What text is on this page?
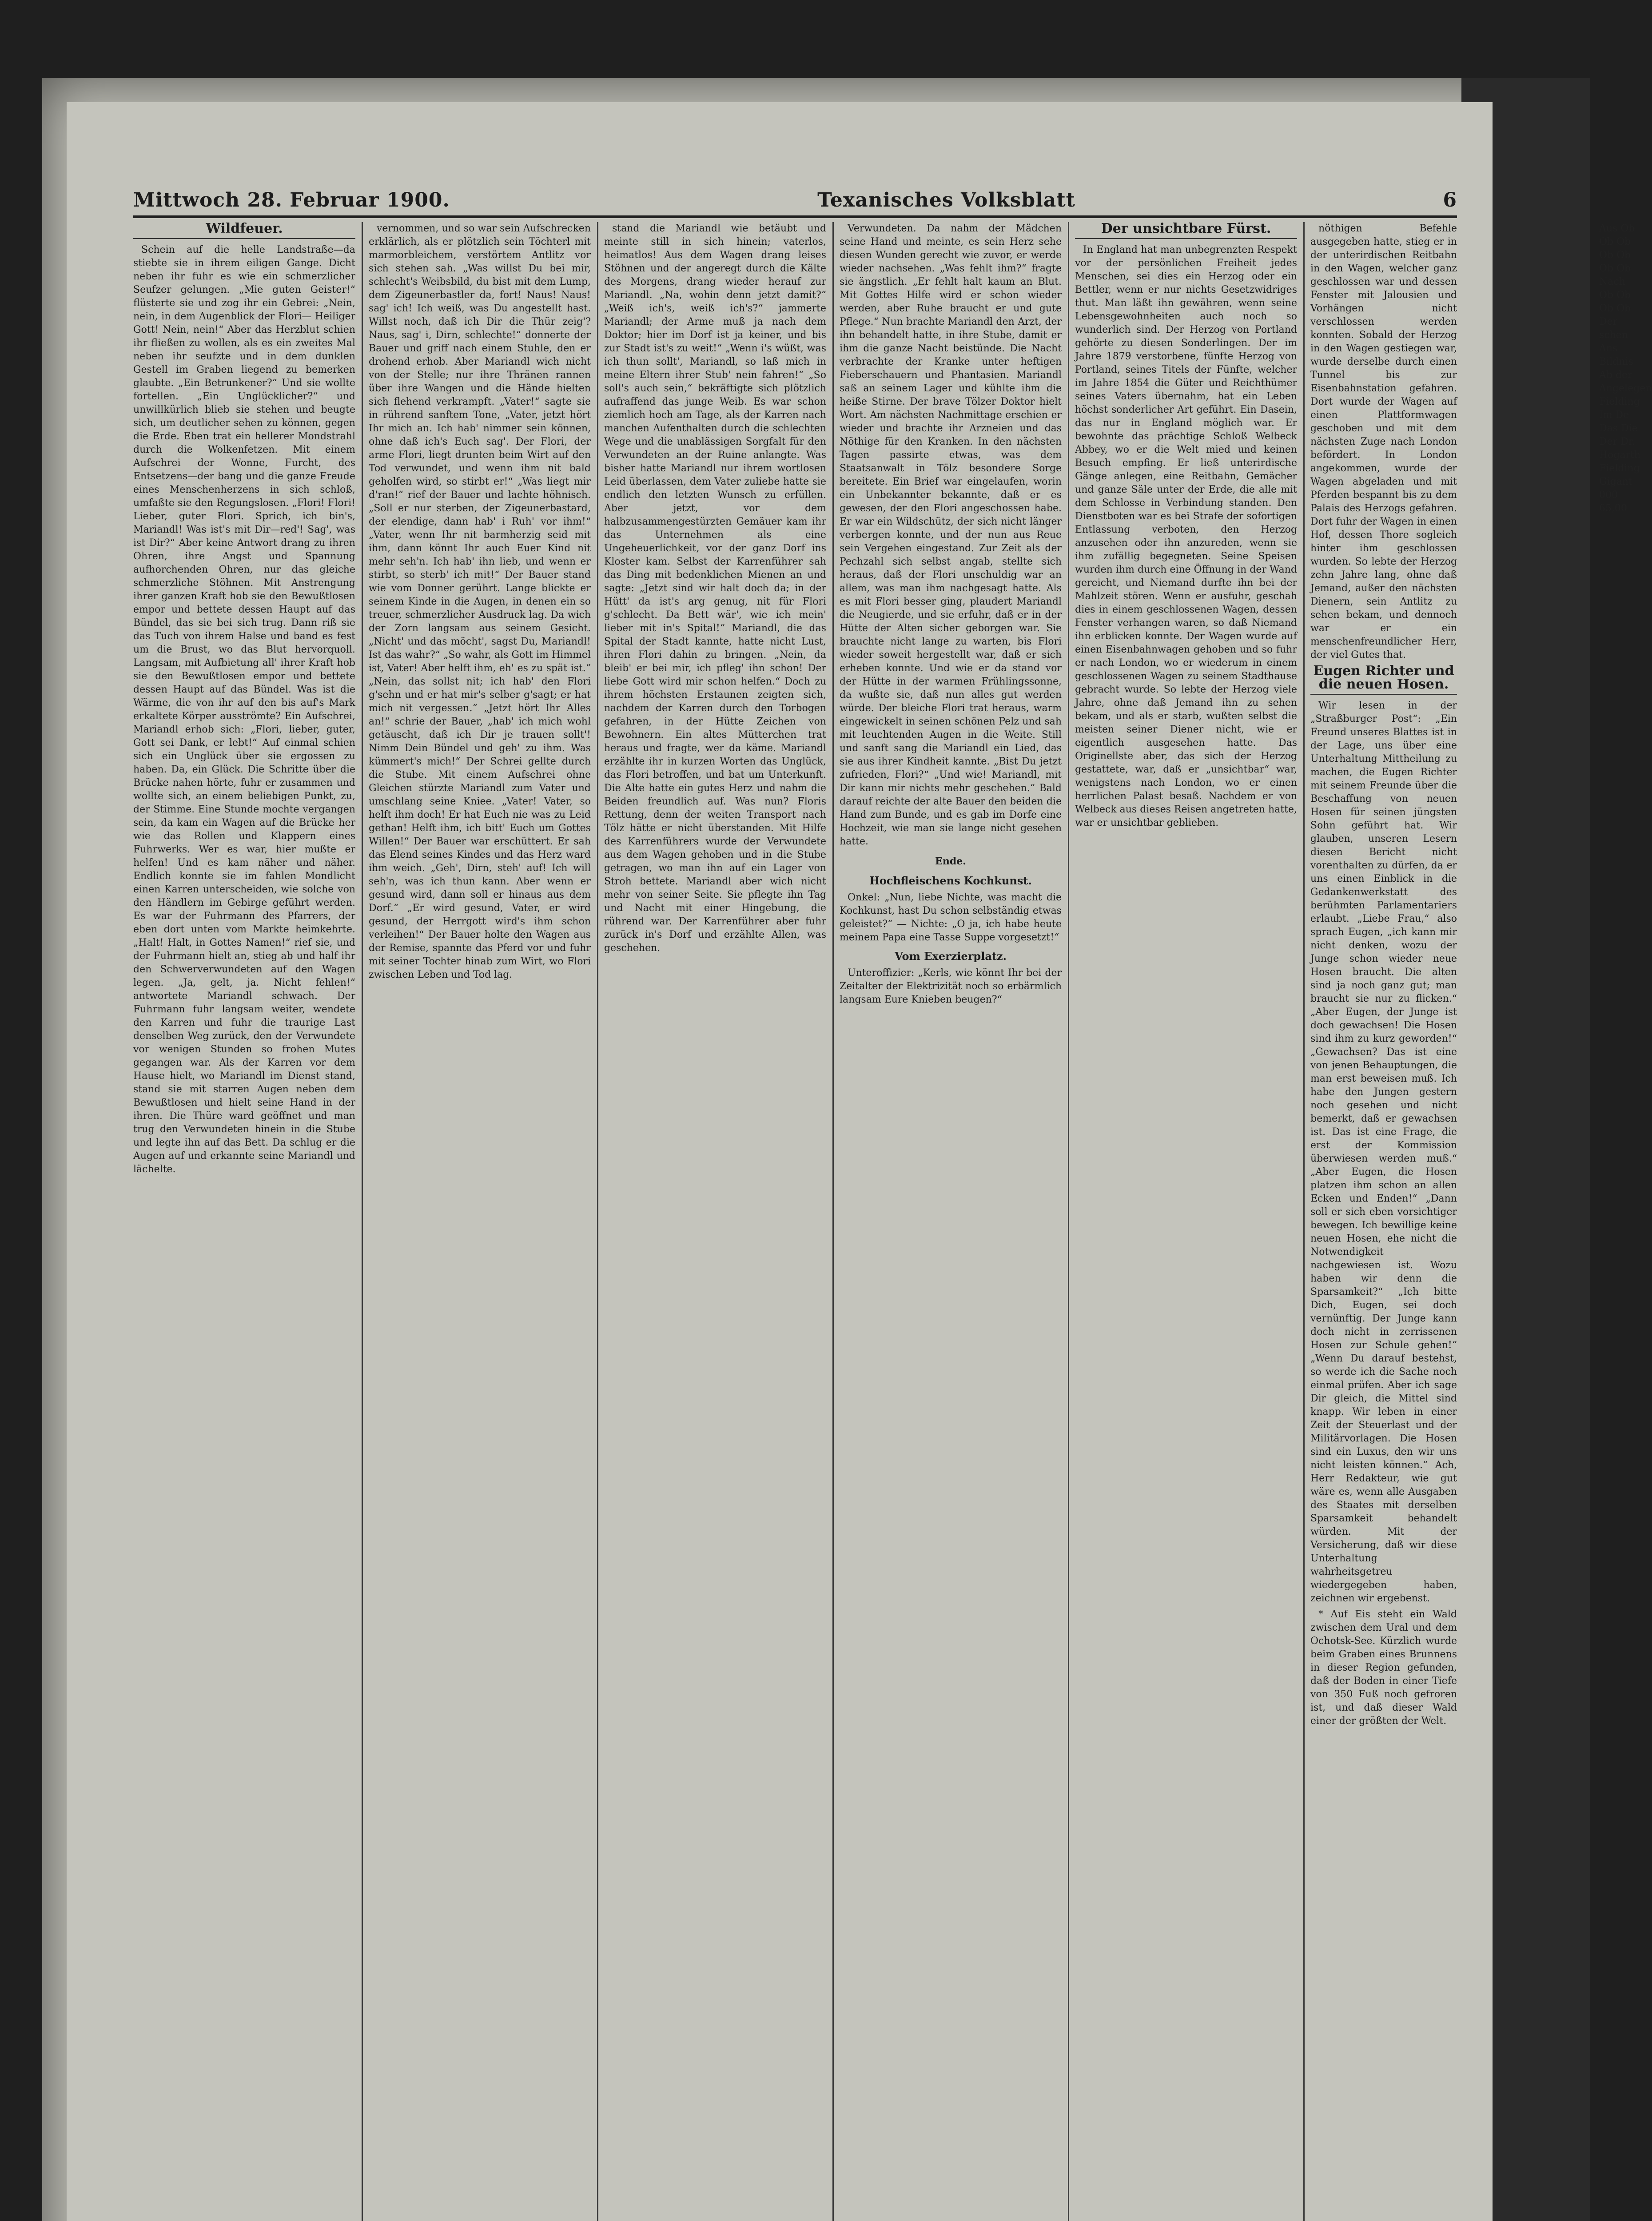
Mittwoch 28. Februar 1900.	Texanisches Volksblatt	6
Wildfeuer.

Schein auf die helle Landstraße—da stiebte sie in ihrem eiligen Gange. Dicht neben ihr fuhr es wie ein schmerzlicher Seufzer gelungen. „Mie guten Geister!“ flüsterte sie und zog ihr ein Gebrei: „Nein, nein, in dem Augenblick der Flori— Heiliger Gott! Nein, nein!“ Aber das Herzblut schien ihr fließen zu wollen, als es ein zweites Mal neben ihr seufzte und in dem dunklen Gestell im Graben liegend zu bemerken glaubte. „Ein Betrunkener?“ Und sie wollte fortellen. „Ein Unglücklicher?“ und unwillkürlich blieb sie stehen und beugte sich, um deutlicher sehen zu können, gegen die Erde. Eben trat ein hellerer Mondstrahl durch die Wolkenfetzen. Mit einem Aufschrei der Wonne, Furcht, des Entsetzens—der bang und die ganze Freude eines Menschenherzens in sich schloß, umfaßte sie den Regungslosen. „Flori! Flori! Lieber, guter Flori. Sprich, ich bin's, Mariandl! Was ist's mit Dir—red'! Sag', was ist Dir?“ Aber keine Antwort drang zu ihren Ohren, ihre Angst und Spannung aufhorchenden Ohren, nur das gleiche schmerzliche Stöhnen. Mit Anstrengung ihrer ganzen Kraft hob sie den Bewußtlosen empor und bettete dessen Haupt auf das Bündel, das sie bei sich trug. Dann riß sie das Tuch von ihrem Halse und band es fest um die Brust, wo das Blut hervorquoll. Langsam, mit Aufbietung all' ihrer Kraft hob sie den Bewußtlosen empor und bettete dessen Haupt auf das Bündel. Was ist die Wärme, die von ihr auf den bis auf's Mark erkaltete Körper ausströmte? Ein Aufschrei, Mariandl erhob sich: „Flori, lieber, guter, Gott sei Dank, er lebt!“ Auf einmal schien sich ein Unglück über sie ergossen zu haben. Da, ein Glück. Die Schritte über die Brücke nahen hörte, fuhr er zusammen und wollte sich, an einem beliebigen Punkt, zu, der Stimme. Eine Stunde mochte vergangen sein, da kam ein Wagen auf die Brücke her wie das Rollen und Klappern eines Fuhrwerks. Wer es war, hier mußte er helfen! Und es kam näher und näher. Endlich konnte sie im fahlen Mondlicht einen Karren unterscheiden, wie solche von den Händlern im Gebirge geführt werden. Es war der Fuhrmann des Pfarrers, der eben dort unten vom Markte heimkehrte. „Halt! Halt, in Gottes Namen!“ rief sie, und der Fuhrmann hielt an, stieg ab und half ihr den Schwerverwundeten auf den Wagen legen. „Ja, gelt, ja. Nicht fehlen!“ antwortete Mariandl schwach. Der Fuhrmann fuhr langsam weiter, wendete den Karren und fuhr die traurige Last denselben Weg zurück, den der Verwundete vor wenigen Stunden so frohen Mutes gegangen war. Als der Karren vor dem Hause hielt, wo Mariandl im Dienst stand, stand sie mit starren Augen neben dem Bewußtlosen und hielt seine Hand in der ihren. Die Thüre ward geöffnet und man trug den Verwundeten hinein in die Stube und legte ihn auf das Bett. Da schlug er die Augen auf und erkannte seine Mariandl und lächelte.

vernommen, und so war sein Aufschrecken erklärlich, als er plötzlich sein Töchterl mit marmorbleichem, verstörtem Antlitz vor sich stehen sah. „Was willst Du bei mir, schlecht's Weibsbild, du bist mit dem Lump, dem Zigeunerbastler da, fort! Naus! Naus! sag' ich! Ich weiß, was Du angestellt hast. Willst noch, daß ich Dir die Thür zeig'? Naus, sag' i, Dirn, schlechte!“ donnerte der Bauer und griff nach einem Stuhle, den er drohend erhob. Aber Mariandl wich nicht von der Stelle; nur ihre Thränen rannen über ihre Wangen und die Hände hielten sich flehend verkrampft. „Vater!“ sagte sie in rührend sanftem Tone, „Vater, jetzt hört Ihr mich an. Ich hab' nimmer sein können, ohne daß ich's Euch sag'. Der Flori, der arme Flori, liegt drunten beim Wirt auf den Tod verwundet, und wenn ihm nit bald geholfen wird, so stirbt er!“ „Was liegt mir d'ran!“ rief der Bauer und lachte höhnisch. „Soll er nur sterben, der Zigeunerbastard, der elendige, dann hab' i Ruh' vor ihm!“ „Vater, wenn Ihr nit barmherzig seid mit ihm, dann könnt Ihr auch Euer Kind nit mehr seh'n. Ich hab' ihn lieb, und wenn er stirbt, so sterb' ich mit!“ Der Bauer stand wie vom Donner gerührt. Lange blickte er seinem Kinde in die Augen, in denen ein so treuer, schmerzlicher Ausdruck lag. Da wich der Zorn langsam aus seinem Gesicht. „Nicht' und das möcht', sagst Du, Mariandl! Ist das wahr?“ „So wahr, als Gott im Himmel ist, Vater! Aber helft ihm, eh' es zu spät ist.“ „Nein, das sollst nit; ich hab' den Flori g'sehn und er hat mir's selber g'sagt; er hat mich nit vergessen.“ „Jetzt hört Ihr Alles an!“ schrie der Bauer, „hab' ich mich wohl getäuscht, daß ich Dir je trauen sollt'! Nimm Dein Bündel und geh' zu ihm. Was kümmert's mich!“ Der Schrei gellte durch die Stube. Mit einem Aufschrei ohne Gleichen stürzte Mariandl zum Vater und umschlang seine Kniee. „Vater! Vater, so helft ihm doch! Er hat Euch nie was zu Leid gethan! Helft ihm, ich bitt' Euch um Gottes Willen!“ Der Bauer war erschüttert. Er sah das Elend seines Kindes und das Herz ward ihm weich. „Geh', Dirn, steh' auf! Ich will seh'n, was ich thun kann. Aber wenn er gesund wird, dann soll er hinaus aus dem Dorf.“ „Er wird gesund, Vater, er wird gesund, der Herrgott wird's ihm schon verleihen!“ Der Bauer holte den Wagen aus der Remise, spannte das Pferd vor und fuhr mit seiner Tochter hinab zum Wirt, wo Flori zwischen Leben und Tod lag.

stand die Mariandl wie betäubt und meinte still in sich hinein; vaterlos, heimatlos! Aus dem Wagen drang leises Stöhnen und der angeregt durch die Kälte des Morgens, drang wieder herauf zur Mariandl. „Na, wohin denn jetzt damit?“ „Weiß ich's, weiß ich's?“ jammerte Mariandl; der Arme muß ja nach dem Doktor; hier im Dorf ist ja keiner, und bis zur Stadt ist's zu weit!“ „Wenn i's wüßt, was ich thun sollt', Mariandl, so laß mich in meine Eltern ihrer Stub' nein fahren!“ „So soll's auch sein,“ bekräftigte sich plötzlich aufraffend das junge Weib. Es war schon ziemlich hoch am Tage, als der Karren nach manchen Aufenthalten durch die schlechten Wege und die unablässigen Sorgfalt für den Verwundeten an der Ruine anlangte. Was bisher hatte Mariandl nur ihrem wortlosen Leid überlassen, dem Vater zuliebe hatte sie endlich den letzten Wunsch zu erfüllen. Aber jetzt, vor dem halbzusammengestürzten Gemäuer kam ihr das Unternehmen als eine Ungeheuerlichkeit, vor der ganz Dorf ins Kloster kam. Selbst der Karrenführer sah das Ding mit bedenklichen Mienen an und sagte: „Jetzt sind wir halt doch da; in der Hütt' da ist's arg genug, nit für Flori g'schlecht. Da Bett wär', wie ich mein' lieber mit in's Spital!“ Mariandl, die das Spital der Stadt kannte, hatte nicht Lust, ihren Flori dahin zu bringen. „Nein, da bleib' er bei mir, ich pfleg' ihn schon! Der liebe Gott wird mir schon helfen.“ Doch zu ihrem höchsten Erstaunen zeigten sich, nachdem der Karren durch den Torbogen gefahren, in der Hütte Zeichen von Bewohnern. Ein altes Mütterchen trat heraus und fragte, wer da käme. Mariandl erzählte ihr in kurzen Worten das Unglück, das Flori betroffen, und bat um Unterkunft. Die Alte hatte ein gutes Herz und nahm die Beiden freundlich auf. Was nun? Floris Rettung, denn der weiten Transport nach Tölz hätte er nicht überstanden. Mit Hilfe des Karrenführers wurde der Verwundete aus dem Wagen gehoben und in die Stube getragen, wo man ihn auf ein Lager von Stroh bettete. Mariandl aber wich nicht mehr von seiner Seite. Sie pflegte ihn Tag und Nacht mit einer Hingebung, die rührend war. Der Karrenführer aber fuhr zurück in's Dorf und erzählte Allen, was geschehen.

Verwundeten. Da nahm der Mädchen seine Hand und meinte, es sein Herz sehe diesen Wunden gerecht wie zuvor, er werde wieder nachsehen. „Was fehlt ihm?“ fragte sie ängstlich. „Er fehlt halt kaum an Blut. Mit Gottes Hilfe wird er schon wieder werden, aber Ruhe braucht er und gute Pflege.“ Nun brachte Mariandl den Arzt, der ihn behandelt hatte, in ihre Stube, damit er ihm die ganze Nacht beistünde. Die Nacht verbrachte der Kranke unter heftigen Fieberschauern und Phantasien. Mariandl saß an seinem Lager und kühlte ihm die heiße Stirne. Der brave Tölzer Doktor hielt Wort. Am nächsten Nachmittage erschien er wieder und brachte ihr Arzneien und das Nöthige für den Kranken. In den nächsten Tagen passirte etwas, was dem Staatsanwalt in Tölz besondere Sorge bereitete. Ein Brief war eingelaufen, worin ein Unbekannter bekannte, daß er es gewesen, der den Flori angeschossen habe. Er war ein Wildschütz, der sich nicht länger verbergen konnte, und der nun aus Reue sein Vergehen eingestand. Zur Zeit als der Pechzahl sich selbst angab, stellte sich heraus, daß der Flori unschuldig war an allem, was man ihm nachgesagt hatte. Als es mit Flori besser ging, plaudert Mariandl die Neugierde, und sie erfuhr, daß er in der Hütte der Alten sicher geborgen war. Sie brauchte nicht lange zu warten, bis Flori wieder soweit hergestellt war, daß er sich erheben konnte. Und wie er da stand vor der Hütte in der warmen Frühlingssonne, da wußte sie, daß nun alles gut werden würde. Der bleiche Flori trat heraus, warm eingewickelt in seinen schönen Pelz und sah mit leuchtenden Augen in die Weite. Still und sanft sang die Mariandl ein Lied, das sie aus ihrer Kindheit kannte. „Bist Du jetzt zufrieden, Flori?“ „Und wie! Mariandl, mit Dir kann mir nichts mehr geschehen.“ Bald darauf reichte der alte Bauer den beiden die Hand zum Bunde, und es gab im Dorfe eine Hochzeit, wie man sie lange nicht gesehen hatte.

Ende.
Hochfleischens Kochkunst.

Onkel: „Nun, liebe Nichte, was macht die Kochkunst, hast Du schon selbständig etwas geleistet?“ — Nichte: „O ja, ich habe heute meinem Papa eine Tasse Suppe vorgesetzt!“

Vom Exerzierplatz.

Unteroffizier: „Kerls, wie könnt Ihr bei der Zeitalter der Elektrizität noch so erbärmlich langsam Eure Knieben beugen?“

Der unsichtbare Fürst.

In England hat man unbegrenzten Respekt vor der persönlichen Freiheit jedes Menschen, sei dies ein Herzog oder ein Bettler, wenn er nur nichts Gesetzwidriges thut. Man läßt ihn gewähren, wenn seine Lebensgewohnheiten auch noch so wunderlich sind. Der Herzog von Portland gehörte zu diesen Sonderlingen. Der im Jahre 1879 verstorbene, fünfte Herzog von Portland, seines Titels der Fünfte, welcher im Jahre 1854 die Güter und Reichthümer seines Vaters übernahm, hat ein Leben höchst sonderlicher Art geführt. Ein Dasein, das nur in England möglich war. Er bewohnte das prächtige Schloß Welbeck Abbey, wo er die Welt mied und keinen Besuch empfing. Er ließ unterirdische Gänge anlegen, eine Reitbahn, Gemächer und ganze Säle unter der Erde, die alle mit dem Schlosse in Verbindung standen. Den Dienstboten war es bei Strafe der sofortigen Entlassung verboten, den Herzog anzusehen oder ihn anzureden, wenn sie ihm zufällig begegneten. Seine Speisen wurden ihm durch eine Öffnung in der Wand gereicht, und Niemand durfte ihn bei der Mahlzeit stören. Wenn er ausfuhr, geschah dies in einem geschlossenen Wagen, dessen Fenster verhangen waren, so daß Niemand ihn erblicken konnte. Der Wagen wurde auf einen Eisenbahnwagen gehoben und so fuhr er nach London, wo er wiederum in einem geschlossenen Wagen zu seinem Stadthause gebracht wurde. So lebte der Herzog viele Jahre, ohne daß Jemand ihn zu sehen bekam, und als er starb, wußten selbst die meisten seiner Diener nicht, wie er eigentlich ausgesehen hatte. Das Originellste aber, das sich der Herzog gestattete, war, daß er „unsichtbar“ war, wenigstens nach London, wo er einen herrlichen Palast besaß. Nachdem er von Welbeck aus dieses Reisen angetreten hatte, war er unsichtbar geblieben.

nöthigen Befehle ausgegeben hatte, stieg er in der unterirdischen Reitbahn in den Wagen, welcher ganz geschlossen war und dessen Fenster mit Jalousien und Vorhängen nicht verschlossen werden konnten. Sobald der Herzog in den Wagen gestiegen war, wurde derselbe durch einen Tunnel bis zur Eisenbahnstation gefahren. Dort wurde der Wagen auf einen Plattformwagen geschoben und mit dem nächsten Zuge nach London befördert. In London angekommen, wurde der Wagen abgeladen und mit Pferden bespannt bis zu dem Palais des Herzogs gefahren. Dort fuhr der Wagen in einen Hof, dessen Thore sogleich hinter ihm geschlossen wurden. So lebte der Herzog zehn Jahre lang, ohne daß Jemand, außer den nächsten Dienern, sein Antlitz zu sehen bekam, und dennoch war er ein menschenfreundlicher Herr, der viel Gutes that.

Eugen Richter und die neuen Hosen.

Wir lesen in der „Straßburger Post“: „Ein Freund unseres Blattes ist in der Lage, uns über eine Unterhaltung Mittheilung zu machen, die Eugen Richter mit seinem Freunde über die Beschaffung von neuen Hosen für seinen jüngsten Sohn geführt hat. Wir glauben, unseren Lesern diesen Bericht nicht vorenthalten zu dürfen, da er uns einen Einblick in die Gedankenwerkstatt des berühmten Parlamentariers erlaubt. „Liebe Frau,“ also sprach Eugen, „ich kann mir nicht denken, wozu der Junge schon wieder neue Hosen braucht. Die alten sind ja noch ganz gut; man braucht sie nur zu flicken.“ „Aber Eugen, der Junge ist doch gewachsen! Die Hosen sind ihm zu kurz geworden!“ „Gewachsen? Das ist eine von jenen Behauptungen, die man erst beweisen muß. Ich habe den Jungen gestern noch gesehen und nicht bemerkt, daß er gewachsen ist. Das ist eine Frage, die erst der Kommission überwiesen werden muß.“ „Aber Eugen, die Hosen platzen ihm schon an allen Ecken und Enden!“ „Dann soll er sich eben vorsichtiger bewegen. Ich bewillige keine neuen Hosen, ehe nicht die Notwendigkeit nachgewiesen ist. Wozu haben wir denn die Sparsamkeit?“ „Ich bitte Dich, Eugen, sei doch vernünftig. Der Junge kann doch nicht in zerrissenen Hosen zur Schule gehen!“ „Wenn Du darauf bestehst, so werde ich die Sache noch einmal prüfen. Aber ich sage Dir gleich, die Mittel sind knapp. Wir leben in einer Zeit der Steuerlast und der Militärvorlagen. Die Hosen sind ein Luxus, den wir uns nicht leisten können.“ Ach, Herr Redakteur, wie gut wäre es, wenn alle Ausgaben des Staates mit derselben Sparsamkeit behandelt würden. Mit der Versicherung, daß wir diese Unterhaltung wahrheitsgetreu wiedergegeben haben, zeichnen wir ergebenst.

* Auf Eis steht ein Wald zwischen dem Ural und dem Ochotsk-See. Kürzlich wurde beim Graben eines Brunnens in dieser Region gefunden, daß der Boden in einer Tiefe von 350 Fuß noch gefroren ist, und daß dieser Wald einer der größten der Welt.

Aus Ob Ob Ob Ob Ob Ob Ob Nach Ob Ob Ob Ob Der schen Ans Bildnis Ab der Angelegen Fielding Im De Das Die Der Dr. Hogarth Fielding Gigant 000 65,00
